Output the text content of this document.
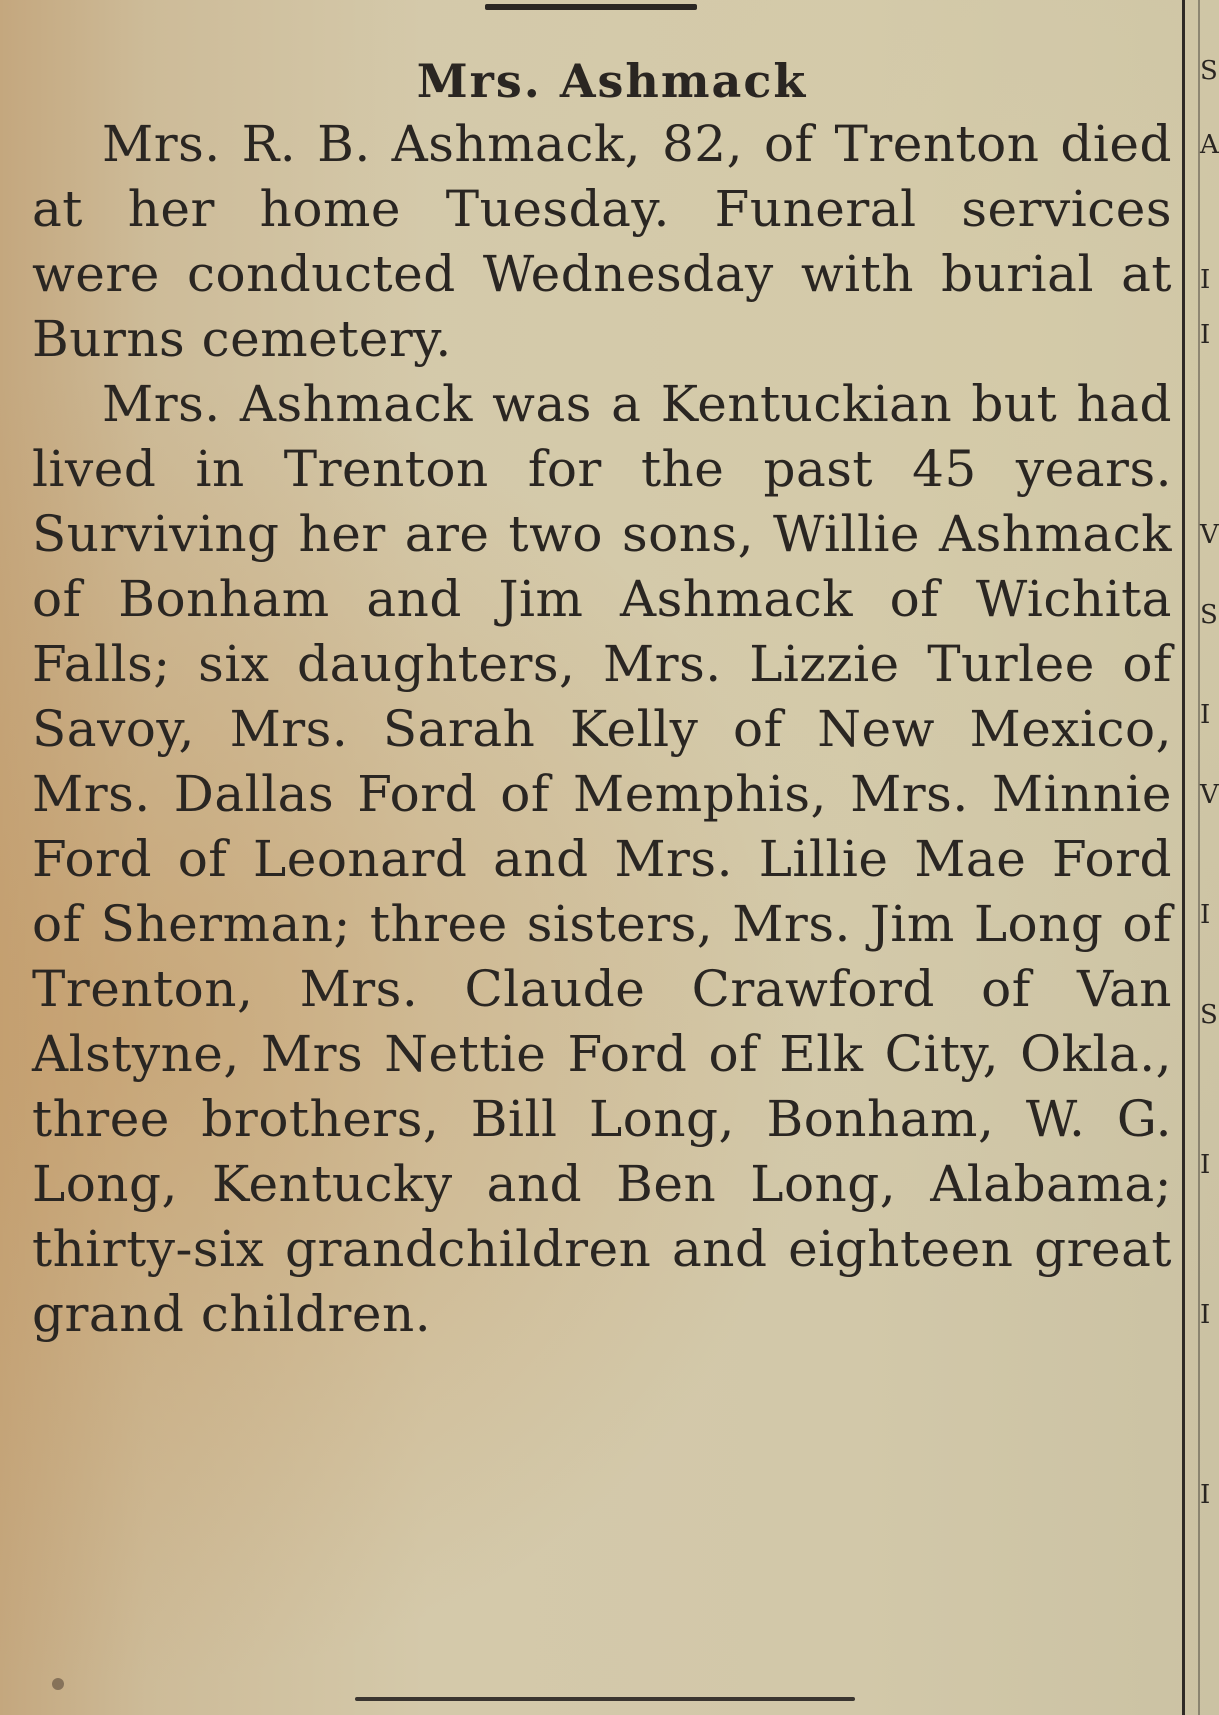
Mrs. Ashmack

Mrs. R. B. Ashmack, 82, of Trenton died at her home Tuesday. Funeral services were conducted Wednesday with burial at Burns cemetery.

Mrs. Ashmack was a Kentuckian but had lived in Trenton for the past 45 years. Surviving her are two sons, Willie Ashmack of Bonham and Jim Ashmack of Wichita Falls; six daughters, Mrs. Lizzie Turlee of Savoy, Mrs. Sarah Kelly of New Mexico, Mrs. Dallas Ford of Memphis, Mrs. Minnie Ford of Leonard and Mrs. Lillie Mae Ford of Sherman; three sisters, Mrs. Jim Long of Trenton, Mrs. Claude Crawford of Van Alstyne, Mrs Nettie Ford of Elk City, Okla., three brothers, Bill Long, Bonham, W. G. Long, Kentucky and Ben Long, Alabama; thirty-six grandchildren and eighteen great grand children.

S
A
I
I
V
S
I
V
I
S
I
I
I
